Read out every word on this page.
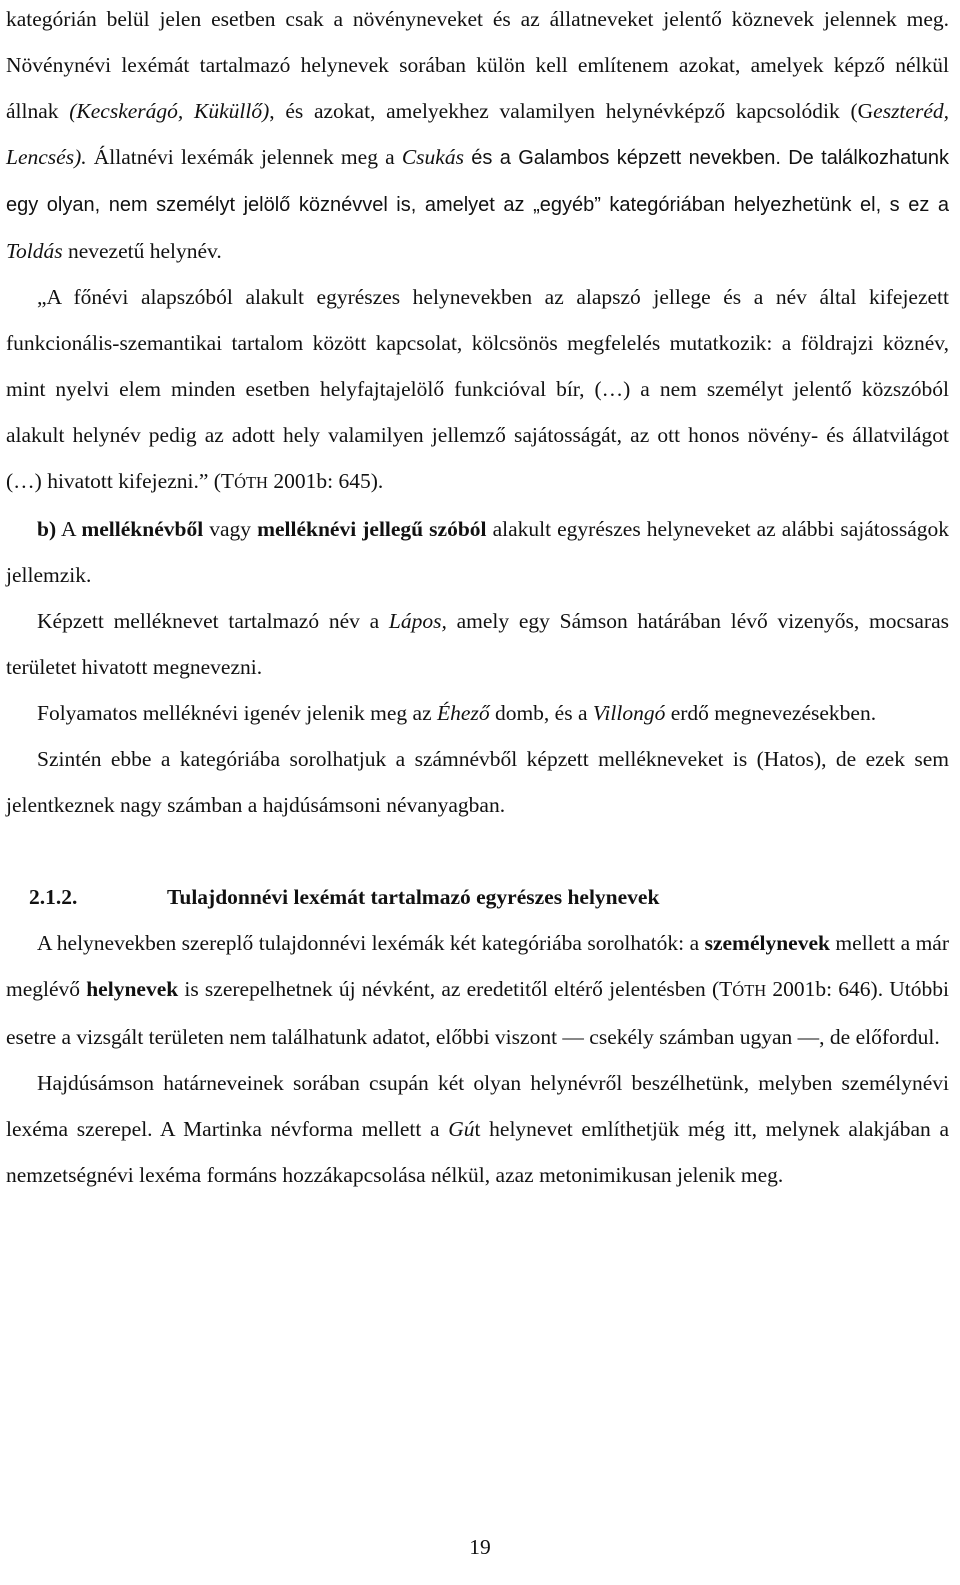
kategórián belül jelen esetben csak a növényneveket és az állatneveket jelentő köznevek jelennek meg. Növénynévi lexémát tartalmazó helynevek sorában külön kell említenem azokat, amelyek képző nélkül állnak (Kecskerágó, Küküllő), és azokat, amelyekhez valamilyen helynévképző kapcsolódik (Geszteréd, Lencsés). Állatnévi lexémák jelennek meg a Csukás és a Galambos képzett nevekben. De találkozhatunk egy olyan, nem személyt jelölő köznévvel is, amelyet az „egyéb” kategóriában helyezhetünk el, s ez a Toldás nevezetű helynév.

„A főnévi alapszóból alakult egyrészes helynevekben az alapszó jellege és a név által kifejezett funkcionális-szemantikai tartalom között kapcsolat, kölcsönös megfelelés mutatkozik: a földrajzi köznév, mint nyelvi elem minden esetben helyfajtajelölő funkcióval bír, (…) a nem személyt jelentő közszóból alakult helynév pedig az adott hely valamilyen jellemző sajátosságát, az ott honos növény- és állatvilágot (…) hivatott kifejezni.” (TÓTH 2001b: 645).

b) A melléknévből vagy melléknévi jellegű szóból alakult egyrészes helyneveket az alábbi sajátosságok jellemzik.

Képzett melléknevet tartalmazó név a Lápos, amely egy Sámson határában lévő vizenyős, mocsaras területet hivatott megnevezni.

Folyamatos melléknévi igenév jelenik meg az Éhező domb, és a Villongó erdő megnevezésekben.

Szintén ebbe a kategóriába sorolhatjuk a számnévből képzett mellékneveket is (Hatos), de ezek sem jelentkeznek nagy számban a hajdúsámsoni névanyagban.

2.1.2.	Tulajdonnévi lexémát tartalmazó egyrészes helynevek

A helynevekben szereplő tulajdonnévi lexémák két kategóriába sorolhatók: a személynevek mellett a már meglévő helynevek is szerepelhetnek új névként, az eredetitől eltérő jelentésben (TÓTH 2001b: 646). Utóbbi esetre a vizsgált területen nem találhatunk adatot, előbbi viszont — csekély számban ugyan —, de előfordul.

Hajdúsámson határneveinek sorában csupán két olyan helynévről beszélhetünk, melyben személynévi lexéma szerepel. A Martinka névforma mellett a Gút helynevet említhetjük még itt, melynek alakjában a nemzetségnévi lexéma formáns hozzákapcsolása nélkül, azaz metonimikusan jelenik meg.

19
